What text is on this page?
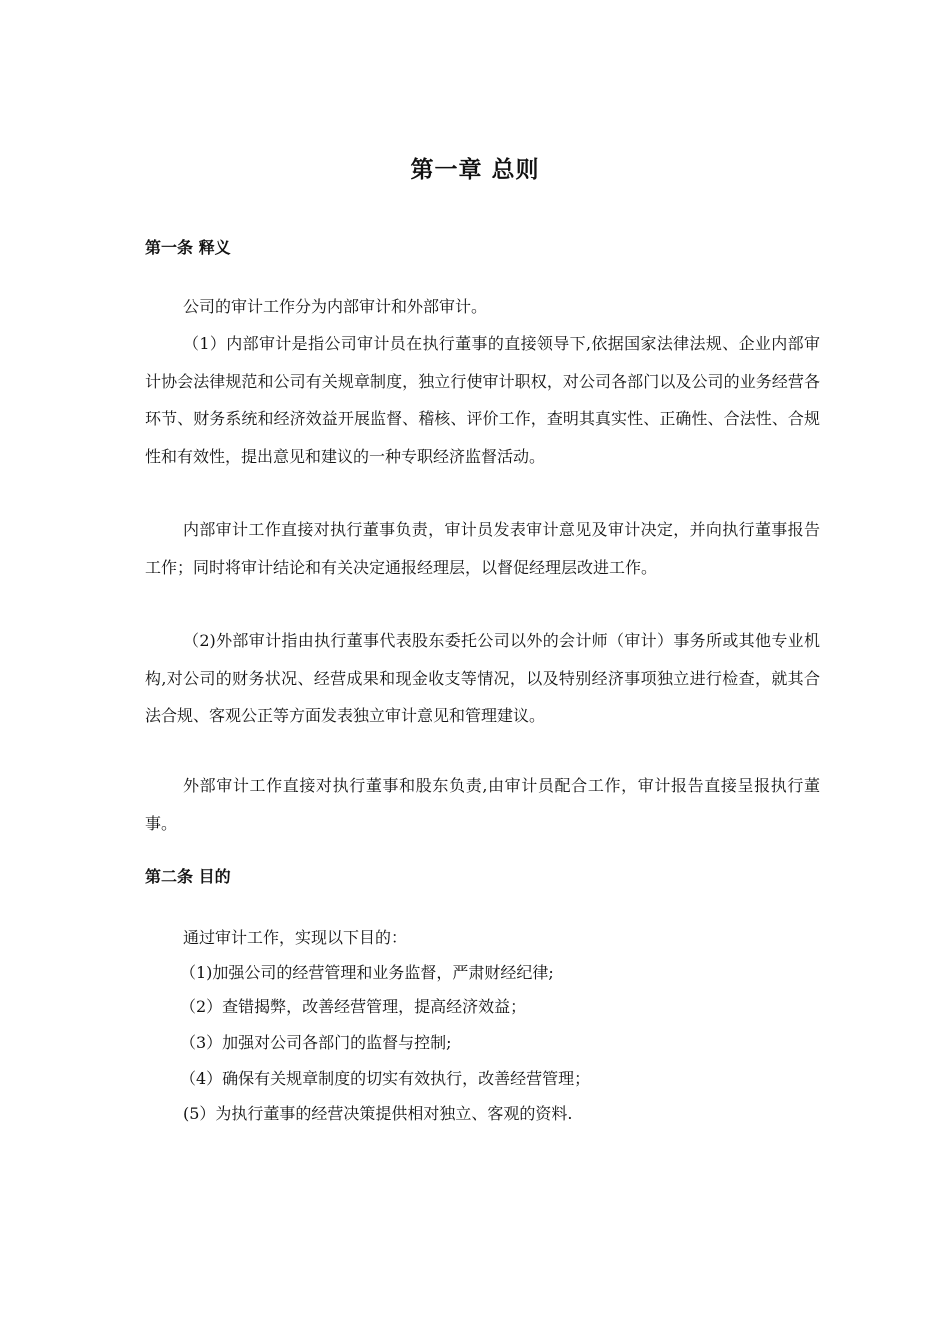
第一章 总则
第一条 释义
公司的审计工作分为内部审计和外部审计。
（1）内部审计是指公司审计员在执行董事的直接领导下,依据国家法律法规、企业内部审计协会法律规范和公司有关规章制度，独立行使审计职权，对公司各部门以及公司的业务经营各环节、财务系统和经济效益开展监督、稽核、评价工作，查明其真实性、正确性、合法性、合规性和有效性，提出意见和建议的一种专职经济监督活动。
内部审计工作直接对执行董事负责，审计员发表审计意见及审计决定，并向执行董事报告工作；同时将审计结论和有关决定通报经理层，以督促经理层改进工作。
（2)外部审计指由执行董事代表股东委托公司以外的会计师（审计）事务所或其他专业机构,对公司的财务状况、经营成果和现金收支等情况，以及特别经济事项独立进行检查，就其合法合规、客观公正等方面发表独立审计意见和管理建议。
外部审计工作直接对执行董事和股东负责,由审计员配合工作，审计报告直接呈报执行董事。
第二条 目的
通过审计工作，实现以下目的：
（1)加强公司的经营管理和业务监督，严肃财经纪律;
（2）查错揭弊，改善经营管理，提高经济效益；
（3）加强对公司各部门的监督与控制;
（4）确保有关规章制度的切实有效执行，改善经营管理；
(5）为执行董事的经营决策提供相对独立、客观的资料.
